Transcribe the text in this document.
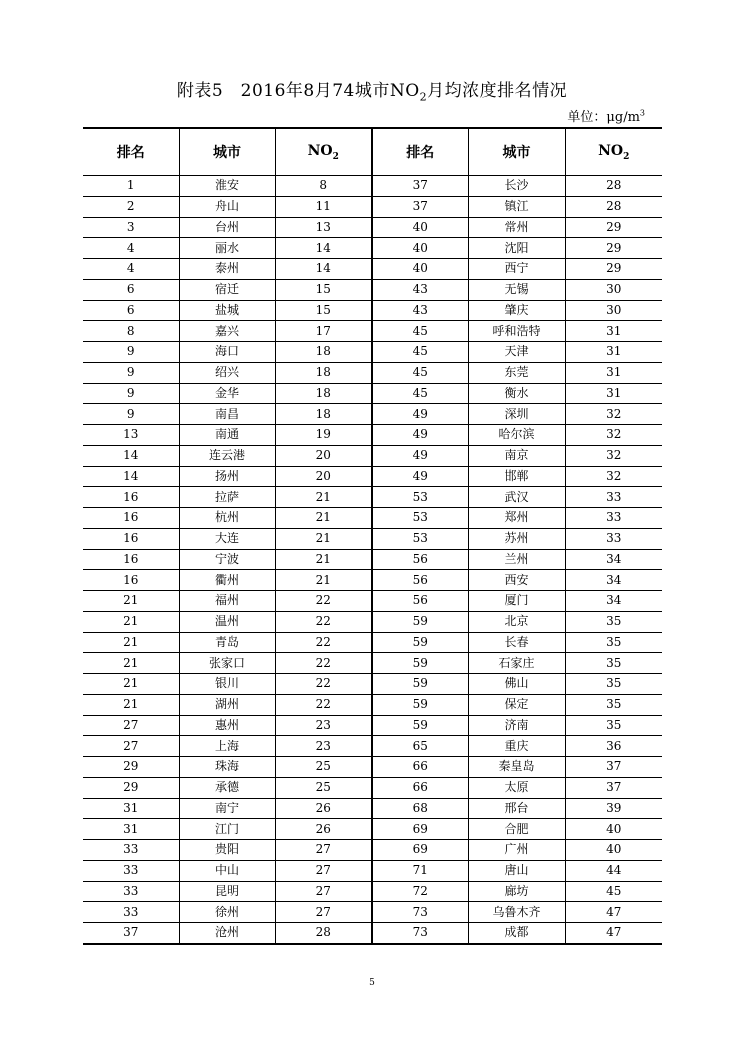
附表5　2016年8月74城市$NO_2$月均浓度排名情况
单位：$\mu g/m^3$
排名	城市	$NO_2$	排名	城市	$NO_2$
1	淮安	8	37	长沙	28
2	舟山	11	37	镇江	28
3	台州	13	40	常州	29
4	丽水	14	40	沈阳	29
4	泰州	14	40	西宁	29
6	宿迁	15	43	无锡	30
6	盐城	15	43	肇庆	30
8	嘉兴	17	45	呼和浩特	31
9	海口	18	45	天津	31
9	绍兴	18	45	东莞	31
9	金华	18	45	衡水	31
9	南昌	18	49	深圳	32
13	南通	19	49	哈尔滨	32
14	连云港	20	49	南京	32
14	扬州	20	49	邯郸	32
16	拉萨	21	53	武汉	33
16	杭州	21	53	郑州	33
16	大连	21	53	苏州	33
16	宁波	21	56	兰州	34
16	衢州	21	56	西安	34
21	福州	22	56	厦门	34
21	温州	22	59	北京	35
21	青岛	22	59	长春	35
21	张家口	22	59	石家庄	35
21	银川	22	59	佛山	35
21	湖州	22	59	保定	35
27	惠州	23	59	济南	35
27	上海	23	65	重庆	36
29	珠海	25	66	秦皇岛	37
29	承德	25	66	太原	37
31	南宁	26	68	邢台	39
31	江门	26	69	合肥	40
33	贵阳	27	69	广州	40
33	中山	27	71	唐山	44
33	昆明	27	72	廊坊	45
33	徐州	27	73	乌鲁木齐	47
37	沧州	28	73	成都	47
5
